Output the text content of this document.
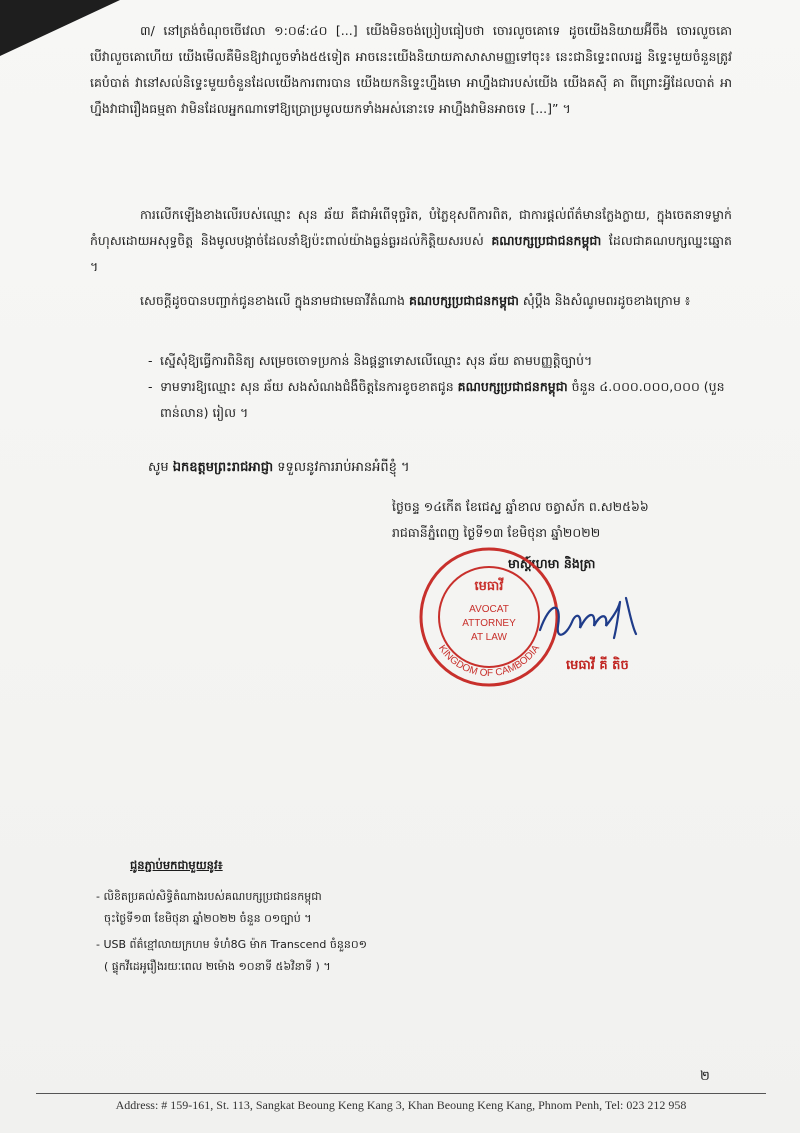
៣/ នៅត្រង់ចំណុចចេីវេលា ១:០៨:៤០ [...] យេីងមិនចង់ប្រៀបធៀបថា ចោរលួចគោទេ ដូចយេីងនិយាយអ៊ីចឹង ចោរលួចគោ បេីវាលួចគោហេីយ យេីងមេីលគឺមិនឱ្យវាលួចទាំង៥៥ទៀត អាចនេះយេីងនិយាយភាសាសាមញ្ញទៅចុះ៖ នេះជានិទ្ទេះពលរដ្ឋ និទ្ទេះមួយចំនួនត្រូវគេបំបាត់ វានៅសល់និទ្ទេះមួយចំនួនដែលយេីងការពារបាន យេីងយកនិទ្ទេះហ្នឹងមេា អាហ្នឹងជារបស់យេីង យេីងគស៊ី គា ពីព្រោះអ្វីដែលបាត់ អាហ្នឹងវាជារឿងធម្មតា វាមិនដែលអ្នកណាទៅឱ្យប្រេាប្រមូលយកទាំងអស់នោះទេ អាហ្នឹងវាមិនអាចទេ [...]” ។
ការលេីកឡេីងខាងលេីរបស់ឈ្មោះ សុន ឆ័យ គឺជាអំពេីទុច្ចរិត, បំភ្លៃខុសពីការពិត, ជាការផ្តល់ព័ត៌មានក្លែងក្លាយ, ក្នុងចេតនាទម្លាក់កំហុសដោយអសុទ្ធចិត្ត និងមូលបង្កាច់ដែលនាំឱ្យប៉ះពាល់យ៉ាងធ្ងន់ធ្ងរដល់កិត្តិយសរបស់ គណបក្សប្រជាជនកម្ពុជា ដែលជាគណបក្សឈ្នះឆ្នោត ។
សេចក្តីដូចបានបញ្ជាក់ជូនខាងលេី ក្នុងនាមជាមេធាវីតំណាង គណបក្សប្រជាជនកម្ពុជា សុំប្តឹង និងសំណូមពរដូចខាងក្រោម ៖
- ស្នេីសុំឱ្យធ្វេីការពិនិត្យ សម្រេចចោទប្រកាន់ និងផ្តន្ទាទោសលេីឈ្មោះ សុន ឆ័យ តាមបញ្ញត្តិច្បាប់។
- ទាមទារឱ្យឈ្មោះ សុន ឆ័យ សងសំណងជំងឺចិត្តនៃការខូចខាតជូន គណបក្សប្រជាជនកម្ពុជា ចំនួន ៤.០០០.០០០,០០០ (បួនពាន់លាន) រៀល ។
សូម ឯកឧត្តមព្រះរាជអាជ្ញា ទទួលនូវការរាប់អានអំពីខ្ញុំ ។
ថ្ងៃចន្ទ ១៤កេីត ខែជេស្ឋ ឆ្នាំខាល ចត្វាស័ក ព.ស២៥៦៦
រាជធានីភ្នំពេញ ថ្ងៃទី១៣ ខែមិថុនា ឆ្នាំ២០២២
មាស្ដ៍ហេមា និងត្រា
KINGDOM OF CAMBODIA
មេធាវី
AVOCAT
ATTORNEY
AT LAW
មេធាវី គី តិច
ជូនភ្ជាប់មកជាមួយនូវ៖
- លិខិតប្រគល់សិទ្ធិតំណាងរបស់គណបក្សប្រជាជនកម្ពុជា
ចុះថ្ងៃទី១៣ ខែមិថុនា ឆ្នាំ២០២២ ចំនួន ០១ច្បាប់ ។
- USB ព័ត៌ខ្មៅលាយក្រហម ទំហំ8G ម៉ាក Transcend ចំនួន០១
( ផ្ទុកវីដេអូរឿងរយៈពេល ២ម៉ោង ១០នាទី ៥៦វិនាទី ) ។
២
Address: # 159-161, St. 113, Sangkat Beoung Keng Kang 3, Khan Beoung Keng Kang, Phnom Penh, Tel: 023 212 958
